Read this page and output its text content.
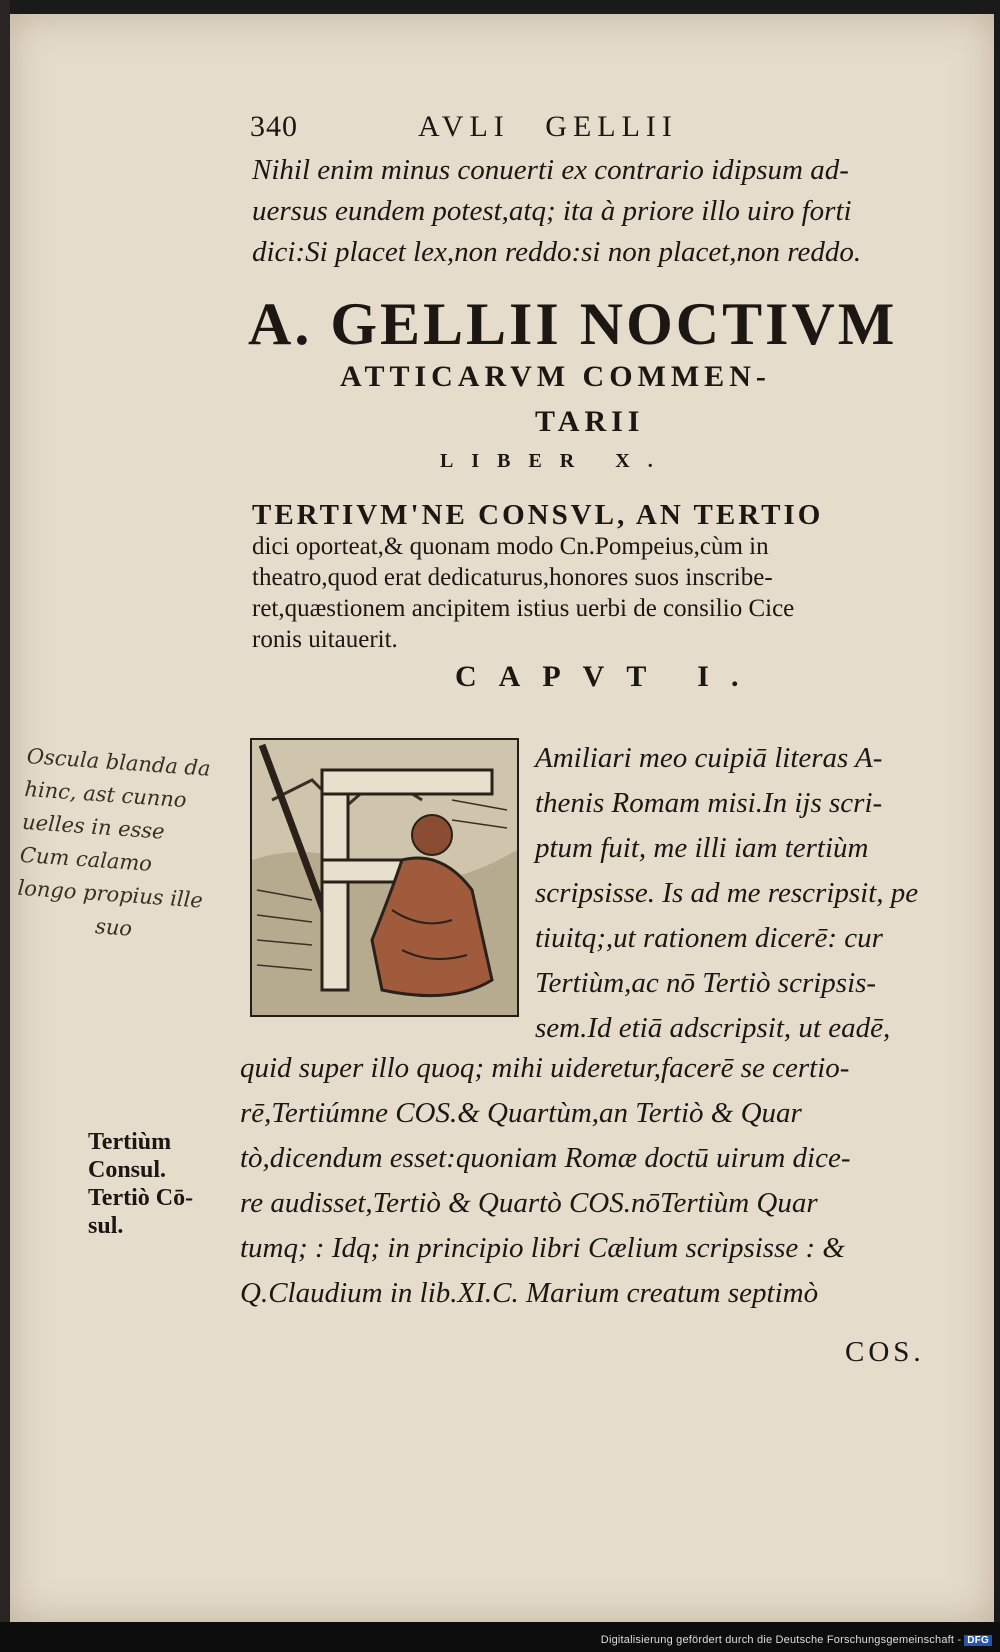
340	AVLI GELLII
Nihil enim minus conuerti ex contrario idipsum ad-
uersus eundem potest,atq; ita à priore illo uiro forti
dici:Si placet lex,non reddo:si non placet,non reddo.
A. GELLII NOCTIVM
ATTICARVM COMMEN-
TARII
LIBER X.
TERTIVM'NE CONSVL, AN TERTIO
dici oporteat,& quonam modo Cn.Pompeius,cùm in
theatro,quod erat dedicaturus,honores suos inscribe-
ret,quæstionem ancipitem istius uerbi de consilio Cice
ronis uitauerit.
CAPVT I.
Amiliari meo cuipiā literas A-
thenis Romam misi.In ijs scri-
ptum fuit, me illi iam tertiùm
scripsisse. Is ad me rescripsit, pe
tiuitq;,ut rationem dicerē: cur
Tertiùm,ac nō Tertiò scripsis-
sem.Id etiā adscripsit, ut eadē,
quid super illo quoq; mihi uideretur,facerē se certio-
rē,Tertiúmne COS.& Quartùm,an Tertiò & Quar
tò,dicendum esset:quoniam Romæ doctū uirum dice-
re audisset,Tertiò & Quartò COS.nōTertiùm Quar
tumq; : Idq; in principio libri Cælium scripsisse : &
Q.Claudium in lib.XI.C. Marium creatum septimò
COS.
Tertiùm
Consul.
Tertiò Cō-
sul.
Oscula blanda da
hinc, ast cunno
uelles in esse
Cum calamo
longo propius ille
suo
Digitalisierung gefördert durch die Deutsche Forschungsgemeinschaft - DFG
